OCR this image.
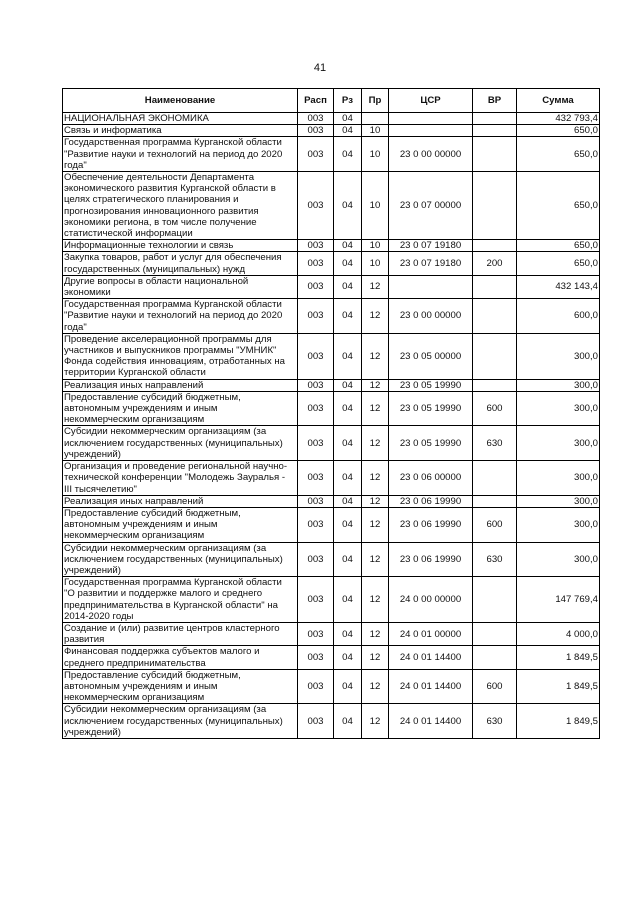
41
Наименование	Расп	Рз	Пр	ЦСР	ВР	Сумма
НАЦИОНАЛЬНАЯ ЭКОНОМИКА	003	04				432 793,4
Связь и информатика	003	04	10			650,0
Государственная программа Курганской области "Развитие науки и технологий на период до 2020 года"	003	04	10	23 0 00 00000		650,0
Обеспечение деятельности Департамента экономического развития Курганской области в целях стратегического планирования и прогнозирования инновационного развития экономики региона, в том числе получение статистической информации	003	04	10	23 0 07 00000		650,0
Информационные технологии и связь	003	04	10	23 0 07 19180		650,0
Закупка товаров, работ и услуг для обеспечения государственных (муниципальных) нужд	003	04	10	23 0 07 19180	200	650,0
Другие вопросы в области национальной экономики	003	04	12			432 143,4
Государственная программа Курганской области "Развитие науки и технологий на период до 2020 года"	003	04	12	23 0 00 00000		600,0
Проведение акселерационной программы для участников и выпускников программы "УМНИК" Фонда содействия инновациям, отработанных на территории Курганской области	003	04	12	23 0 05 00000		300,0
Реализация иных направлений	003	04	12	23 0 05 19990		300,0
Предоставление субсидий бюджетным, автономным учреждениям и иным некоммерческим организациям	003	04	12	23 0 05 19990	600	300,0
Субсидии некоммерческим организациям (за исключением государственных (муниципальных) учреждений)	003	04	12	23 0 05 19990	630	300,0
Организация и проведение региональной научно-технической конференции "Молодежь Зауралья - III тысячелетию"	003	04	12	23 0 06 00000		300,0
Реализация иных направлений	003	04	12	23 0 06 19990		300,0
Предоставление субсидий бюджетным, автономным учреждениям и иным некоммерческим организациям	003	04	12	23 0 06 19990	600	300,0
Субсидии некоммерческим организациям (за исключением государственных (муниципальных) учреждений)	003	04	12	23 0 06 19990	630	300,0
Государственная программа Курганской области "О развитии и поддержке малого и среднего предпринимательства в Курганской области" на 2014-2020 годы	003	04	12	24 0 00 00000		147 769,4
Создание и (или) развитие центров кластерного развития	003	04	12	24 0 01 00000		4 000,0
Финансовая поддержка субъектов малого и среднего предпринимательства	003	04	12	24 0 01 14400		1 849,5
Предоставление субсидий бюджетным, автономным учреждениям и иным некоммерческим организациям	003	04	12	24 0 01 14400	600	1 849,5
Субсидии некоммерческим организациям (за исключением государственных (муниципальных) учреждений)	003	04	12	24 0 01 14400	630	1 849,5
